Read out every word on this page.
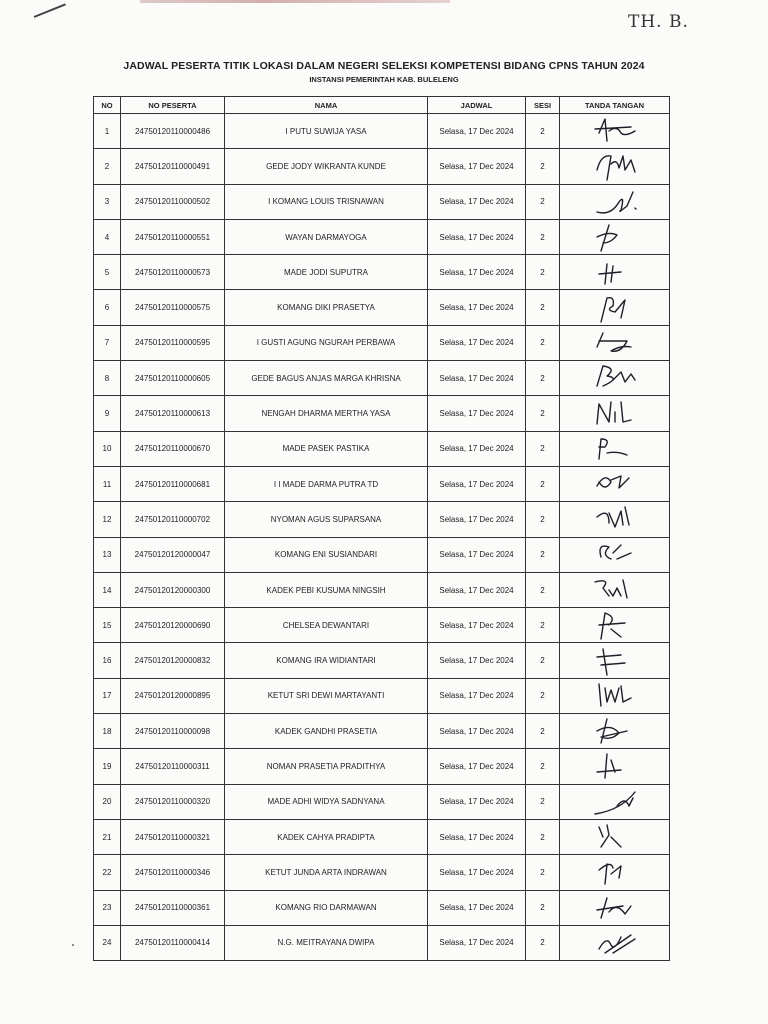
TH. B.
JADWAL PESERTA TITIK LOKASI DALAM NEGERI SELEKSI KOMPETENSI BIDANG CPNS TAHUN 2024
INSTANSI PEMERINTAH KAB. BULELENG
NO	NO PESERTA	NAMA	JADWAL	SESI	TANDA TANGAN
1	24750120110000486	I PUTU SUWIJA YASA	Selasa, 17 Dec 2024	2	

2	24750120110000491	GEDE JODY WIKRANTA KUNDE	Selasa, 17 Dec 2024	2	

3	24750120110000502	I KOMANG LOUIS TRISNAWAN	Selasa, 17 Dec 2024	2	

4	24750120110000551	WAYAN DARMAYOGA	Selasa, 17 Dec 2024	2	

5	24750120110000573	MADE JODI SUPUTRA	Selasa, 17 Dec 2024	2	

6	24750120110000575	KOMANG DIKI PRASETYA	Selasa, 17 Dec 2024	2	

7	24750120110000595	I GUSTI AGUNG NGURAH PERBAWA	Selasa, 17 Dec 2024	2	

8	24750120110000605	GEDE BAGUS ANJAS MARGA KHRISNA	Selasa, 17 Dec 2024	2	

9	24750120110000613	NENGAH DHARMA MERTHA YASA	Selasa, 17 Dec 2024	2	

10	24750120110000670	MADE PASEK PASTIKA	Selasa, 17 Dec 2024	2	

11	24750120110000681	I I MADE DARMA PUTRA TD	Selasa, 17 Dec 2024	2	

12	24750120110000702	NYOMAN AGUS SUPARSANA	Selasa, 17 Dec 2024	2	

13	24750120120000047	KOMANG ENI SUSIANDARI	Selasa, 17 Dec 2024	2	

14	24750120120000300	KADEK PEBI KUSUMA NINGSIH	Selasa, 17 Dec 2024	2	

15	24750120120000690	CHELSEA DEWANTARI	Selasa, 17 Dec 2024	2	

16	24750120120000832	KOMANG IRA WIDIANTARI	Selasa, 17 Dec 2024	2	

17	24750120120000895	KETUT SRI DEWI MARTAYANTI	Selasa, 17 Dec 2024	2	

18	24750120110000098	KADEK GANDHI PRASETIA	Selasa, 17 Dec 2024	2	

19	24750120110000311	NOMAN PRASETIA PRADITHYA	Selasa, 17 Dec 2024	2	

20	24750120110000320	MADE ADHI WIDYA SADNYANA	Selasa, 17 Dec 2024	2	

21	24750120110000321	KADEK CAHYA PRADIPTA	Selasa, 17 Dec 2024	2	

22	24750120110000346	KETUT JUNDA ARTA INDRAWAN	Selasa, 17 Dec 2024	2	

23	24750120110000361	KOMANG RIO DARMAWAN	Selasa, 17 Dec 2024	2	

24	24750120110000414	N.G. MEITRAYANA DWIPA	Selasa, 17 Dec 2024	2	
